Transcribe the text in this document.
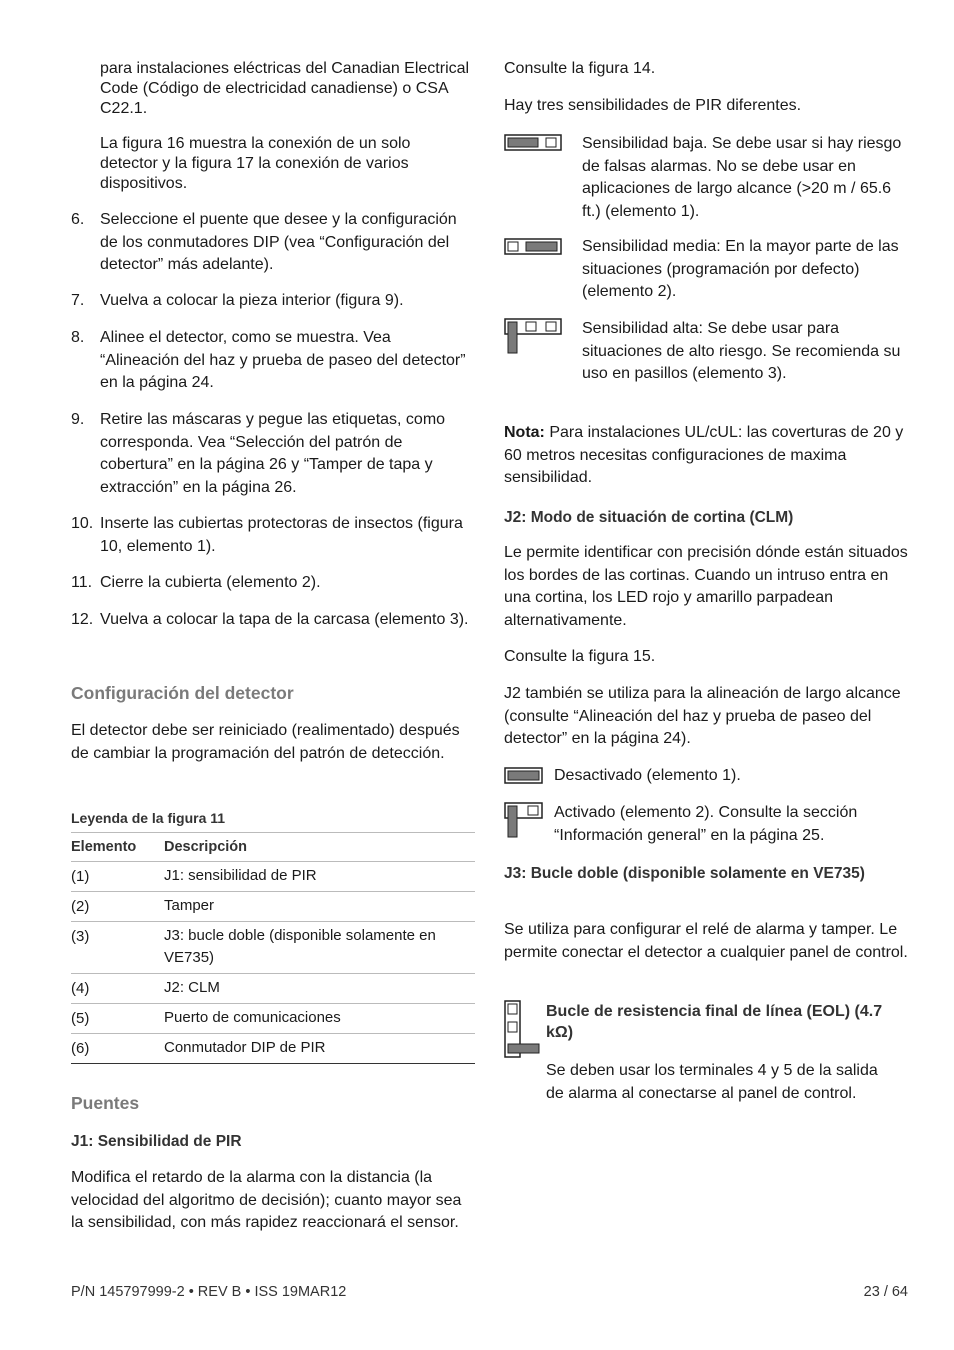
para instalaciones eléctricas del Canadian Electrical Code (Código de electricidad canadiense) o CSA C22.1.

La figura 16 muestra la conexión de un solo detector y la figura 17 la conexión de varios dispositivos.

6. Seleccione el puente que desee y la configuración de los conmutadores DIP (vea “Configuración del detector” más adelante).

7. Vuelva a colocar la pieza interior (figura 9).

8. Alinee el detector, como se muestra. Vea “Alineación del haz y prueba de paseo del detector” en la página 24.

9. Retire las máscaras y pegue las etiquetas, como corresponda. Vea “Selección del patrón de cobertura” en la página 26 y “Tamper de tapa y extracción” en la página 26.

10. Inserte las cubiertas protectoras de insectos (figura 10, elemento 1).

11. Cierre la cubierta (elemento 2).

12. Vuelva a colocar la tapa de la carcasa (elemento 3).

Configuración del detector

El detector debe ser reiniciado (realimentado) después de cambiar la programación del patrón de detección.

Leyenda de la figura 11
Elemento Descripción
(1)	J1: sensibilidad de PIR
(2)	Tamper
(3)	J3: bucle doble (disponible solamente en VE735)
(4)	J2: CLM
(5)	Puerto de comunicaciones
(6)	Conmutador DIP de PIR
Puentes
J1: Sensibilidad de PIR

Modifica el retardo de la alarma con la distancia (la velocidad del algoritmo de decisión); cuanto mayor sea la sensibilidad, con más rapidez reaccionará el sensor.

Consulte la figura 14.

Hay tres sensibilidades de PIR diferentes.

Sensibilidad baja. Se debe usar si hay riesgo de falsas alarmas. No se debe usar en aplicaciones de largo alcance (>20 m / 65.6 ft.) (elemento 1).

Sensibilidad media: En la mayor parte de las situaciones (programación por defecto) (elemento 2).

Sensibilidad alta: Se debe usar para situaciones de alto riesgo. Se recomienda su uso en pasillos (elemento 3).

Nota: Para instalaciones UL/cUL: las coverturas de 20 y 60 metros necesitas configuraciones de maxima sensibilidad.

J2: Modo de situación de cortina (CLM)

Le permite identificar con precisión dónde están situados los bordes de las cortinas. Cuando un intruso entra en una cortina, los LED rojo y amarillo parpadean alternativamente.

Consulte la figura 15.

J2 también se utiliza para la alineación de largo alcance (consulte “Alineación del haz y prueba de paseo del detector” en la página 24).

Desactivado (elemento 1).

Activado (elemento 2). Consulte la sección “Información general” en la página 25.

J3: Bucle doble (disponible solamente en VE735)

Se utiliza para configurar el relé de alarma y tamper. Le permite conectar el detector a cualquier panel de control.

Bucle de resistencia final de línea (EOL) (4.7 kΩ)

Se deben usar los terminales 4 y 5 de la salida de alarma al conectarse al panel de control.

P/N 145797999-2 • REV B • ISS 19MAR12	23 / 64
